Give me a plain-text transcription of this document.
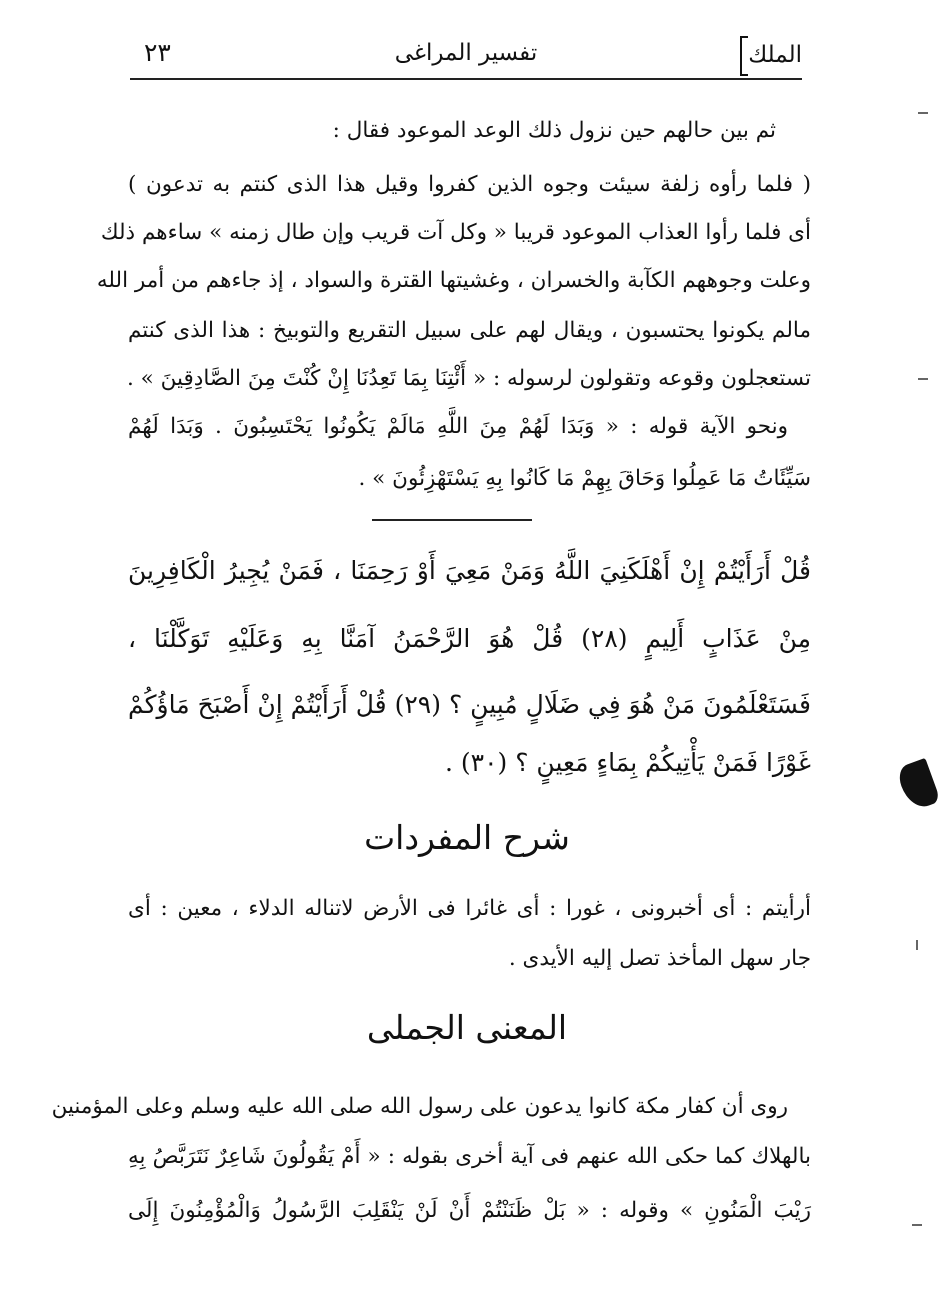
٢٣	تفسير المراغى	الملك
ثم بين حالهم حين نزول ذلك الوعد الموعود فقال :
( فلما رأوه زلفة سيئت وجوه الذين كفروا وقيل هذا الذى كنتم به تدعون )
أى فلما رأوا العذاب الموعود قريبا « وكل آت قريب وإن طال زمنه » ساءهم ذلك
وعلت وجوههم الكآبة والخسران ، وغشيتها القترة والسواد ، إذ جاءهم من أمر الله
مالم يكونوا يحتسبون ، ويقال لهم على سبيل التقريع والتوبيخ : هذا الذى كنتم
تستعجلون وقوعه وتقولون لرسوله : « أَئْتِنَا بِمَا تَعِدُنَا إِنْ كُنْتَ مِنَ الصَّادِقِينَ » .
ونحو الآية قوله : « وَبَدَا لَهُمْ مِنَ اللَّهِ مَالَمْ يَكُونُوا يَحْتَسِبُونَ . وَبَدَا لَهُمْ
سَيِّئَاتُ مَا عَمِلُوا وَحَاقَ بِهِمْ مَا كَانُوا بِهِ يَسْتَهْزِئُونَ » .
قُلْ أَرَأَيْتُمْ إِنْ أَهْلَكَنِيَ اللَّهُ وَمَنْ مَعِيَ أَوْ رَحِمَنَا ، فَمَنْ يُجِيرُ الْكَافِرِينَ
مِنْ عَذَابٍ أَلِيمٍ (٢٨) قُلْ هُوَ الرَّحْمَنُ آمَنَّا بِهِ وَعَلَيْهِ تَوَكَّلْنَا ،
فَسَتَعْلَمُونَ مَنْ هُوَ فِي ضَلَالٍ مُبِينٍ ؟ (٢٩) قُلْ أَرَأَيْتُمْ إِنْ أَصْبَحَ مَاؤُكُمْ
غَوْرًا فَمَنْ يَأْتِيكُمْ بِمَاءٍ مَعِينٍ ؟ (٣٠) .
شرح المفردات
أرأيتم : أى أخبرونى ، غورا : أى غائرا فى الأرض لاتناله الدلاء ، معين : أى
جار سهل المأخذ تصل إليه الأيدى .
المعنى الجملى
روى أن كفار مكة كانوا يدعون على رسول الله صلى الله عليه وسلم وعلى المؤمنين
بالهلاك كما حكى الله عنهم فى آية أخرى بقوله : « أَمْ يَقُولُونَ شَاعِرٌ نَتَرَبَّصُ بِهِ
رَيْبَ الْمَنُونِ » وقوله : « بَلْ ظَنَنْتُمْ أَنْ لَنْ يَنْقَلِبَ الرَّسُولُ وَالْمُؤْمِنُونَ إِلَى
